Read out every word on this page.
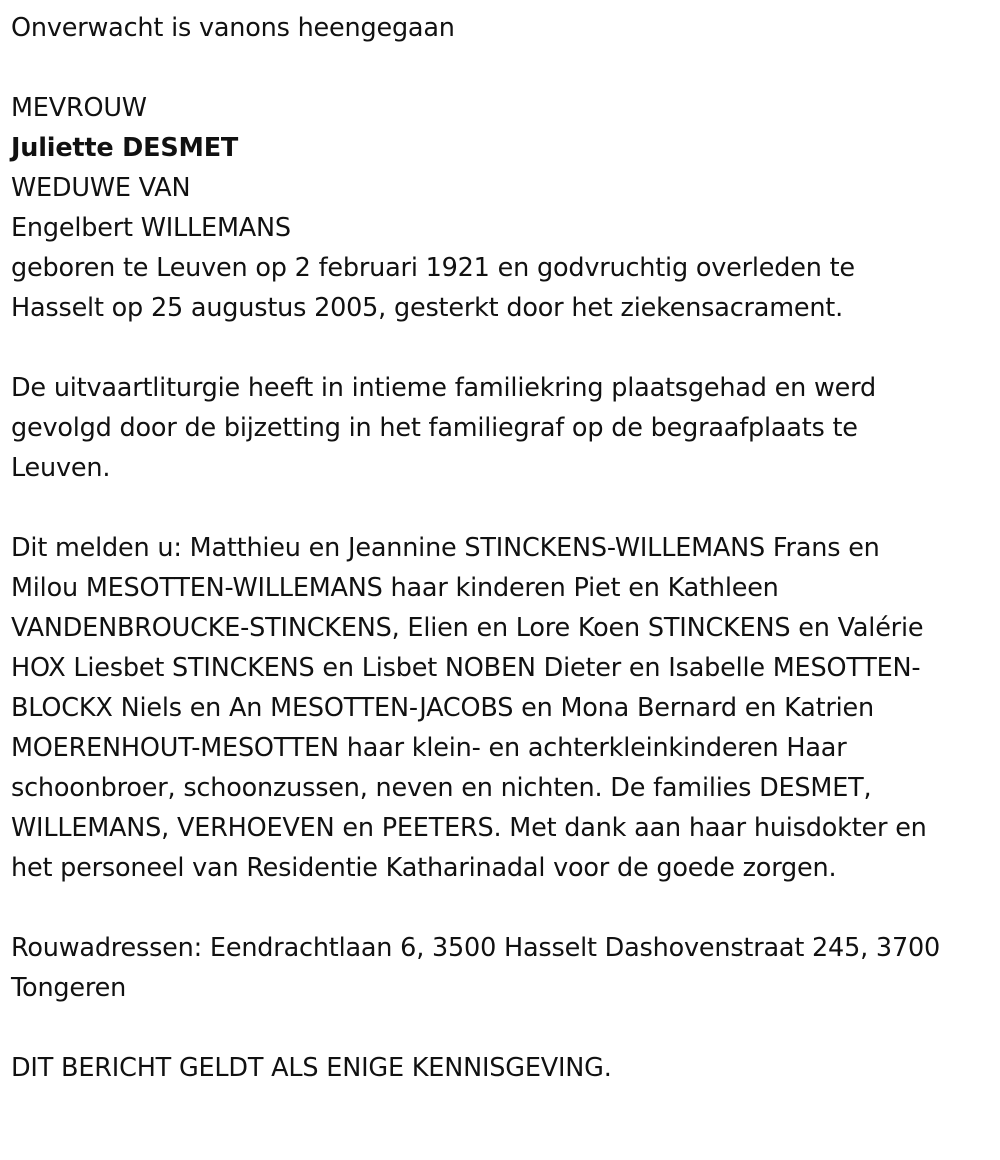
Onverwacht is vanons heengegaan

MEVROUW

Juliette DESMET

WEDUWE VAN

Engelbert WILLEMANS

geboren te Leuven op 2 februari 1921 en godvruchtig overleden te

Hasselt op 25 augustus 2005, gesterkt door het ziekensacrament.

De uitvaartliturgie heeft in intieme familiekring plaatsgehad en werd

gevolgd door de bijzetting in het familiegraf op de begraafplaats te

Leuven.

Dit melden u: Matthieu en Jeannine STINCKENS-WILLEMANS Frans en

Milou MESOTTEN-WILLEMANS haar kinderen Piet en Kathleen

VANDENBROUCKE-STINCKENS, Elien en Lore Koen STINCKENS en Valérie

HOX Liesbet STINCKENS en Lisbet NOBEN Dieter en Isabelle MESOTTEN-

BLOCKX Niels en An MESOTTEN-JACOBS en Mona Bernard en Katrien

MOERENHOUT-MESOTTEN haar klein- en achterkleinkinderen Haar

schoonbroer, schoonzussen, neven en nichten. De families DESMET,

WILLEMANS, VERHOEVEN en PEETERS. Met dank aan haar huisdokter en

het personeel van Residentie Katharinadal voor de goede zorgen.

Rouwadressen: Eendrachtlaan 6, 3500 Hasselt Dashovenstraat 245, 3700

Tongeren

DIT BERICHT GELDT ALS ENIGE KENNISGEVING.
